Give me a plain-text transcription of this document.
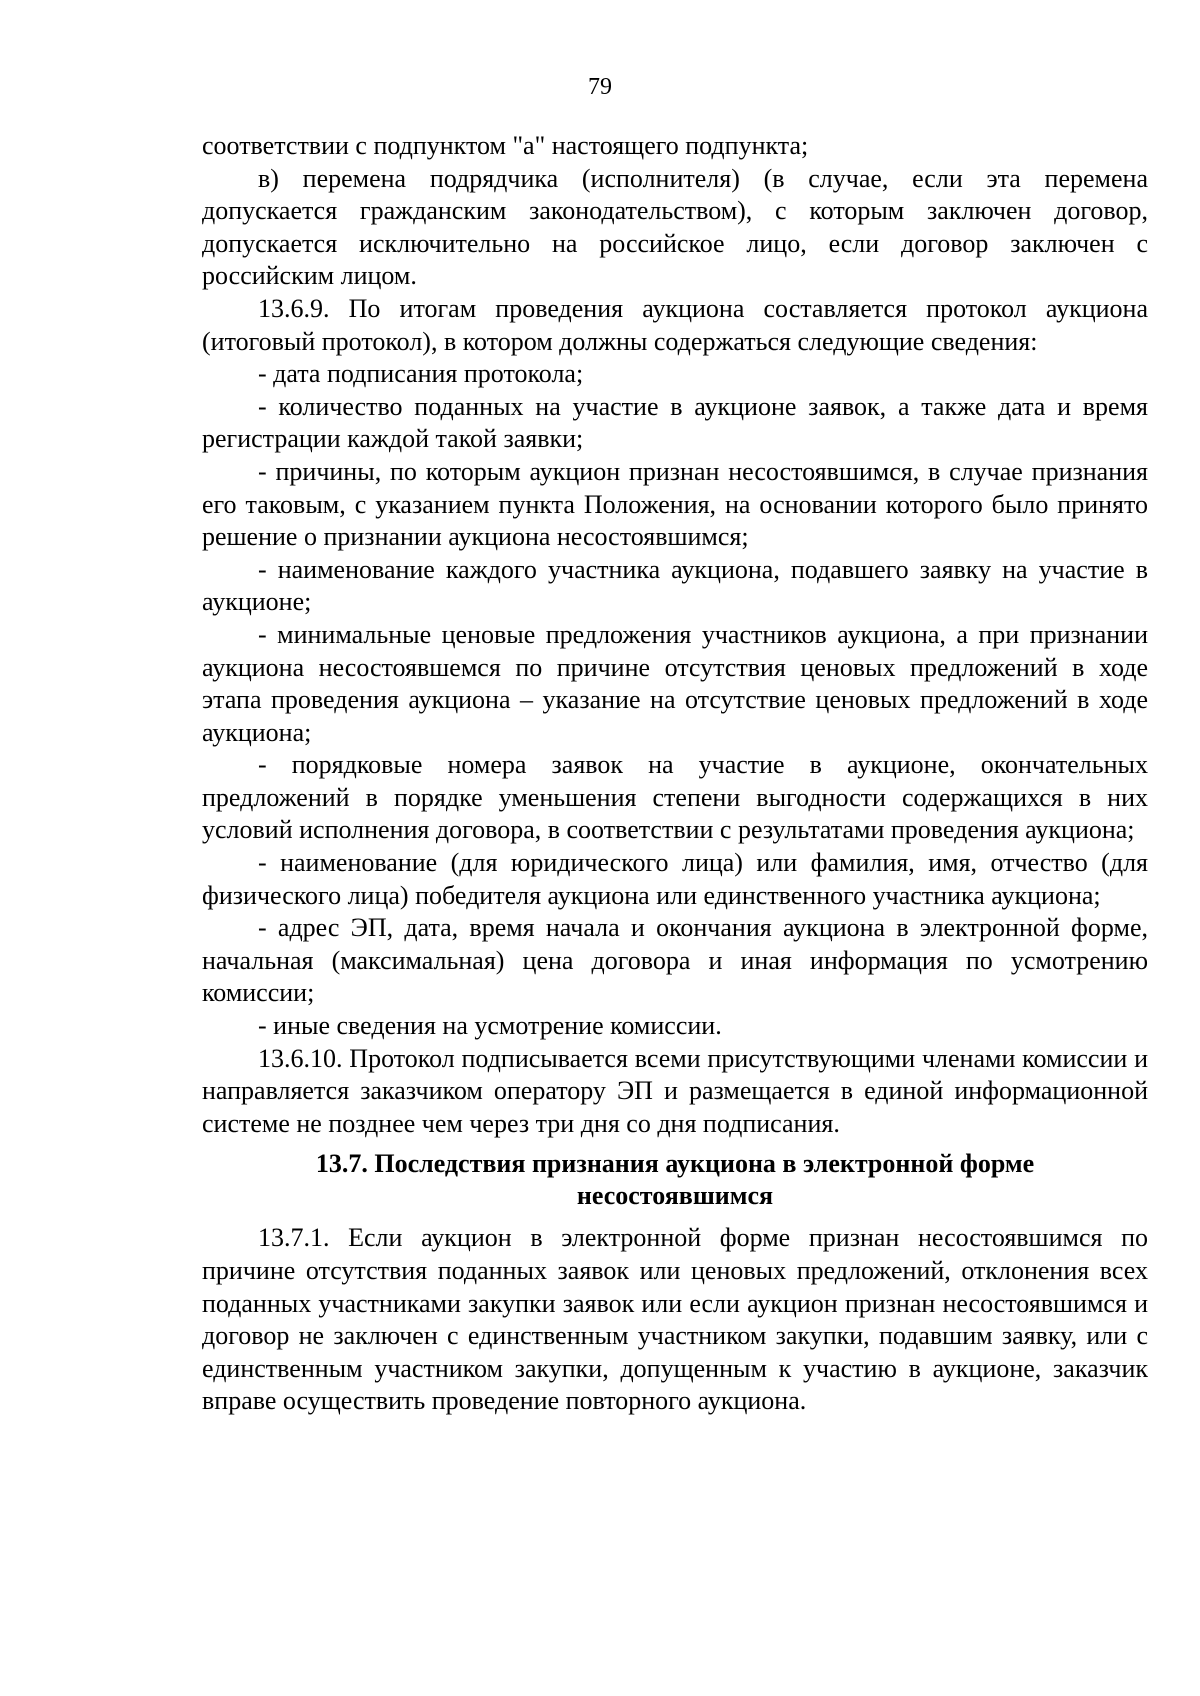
79

соответствии с подпунктом "а" настоящего подпункта;

в) перемена подрядчика (исполнителя) (в случае, если эта перемена допускается гражданским законодательством), с которым заключен договор, допускается исключительно на российское лицо, если договор заключен с российским лицом.

13.6.9. По итогам проведения аукциона составляется протокол аукциона (итоговый протокол), в котором должны содержаться следующие сведения:

- дата подписания протокола;

- количество поданных на участие в аукционе заявок, а также дата и время регистрации каждой такой заявки;

- причины, по которым аукцион признан несостоявшимся, в случае признания его таковым, с указанием пункта Положения, на основании которого было принято решение о признании аукциона несостоявшимся;

- наименование каждого участника аукциона, подавшего заявку на участие в аукционе;

- минимальные ценовые предложения участников аукциона, а при признании аукциона несостоявшемся по причине отсутствия ценовых предложений в ходе этапа проведения аукциона – указание на отсутствие ценовых предложений в ходе аукциона;

- порядковые номера заявок на участие в аукционе, окончательных предложений в порядке уменьшения степени выгодности содержащихся в них условий исполнения договора, в соответствии с результатами проведения аукциона;

- наименование (для юридического лица) или фамилия, имя, отчество (для физического лица) победителя аукциона или единственного участника аукциона;

- адрес ЭП, дата, время начала и окончания аукциона в электронной форме, начальная (максимальная) цена договора и иная информация по усмотрению комиссии;

- иные сведения на усмотрение комиссии.

13.6.10. Протокол подписывается всеми присутствующими членами комиссии и направляется заказчиком оператору ЭП и размещается в единой информационной системе не позднее чем через три дня со дня подписания.

13.7. Последствия признания аукциона в электронной форме
несостоявшимся

13.7.1. Если аукцион в электронной форме признан несостоявшимся по причине отсутствия поданных заявок или ценовых предложений, отклонения всех поданных участниками закупки заявок или если аукцион признан несостоявшимся и договор не заключен с единственным участником закупки, подавшим заявку, или с единственным участником закупки, допущенным к участию в аукционе, заказчик вправе осуществить проведение повторного аукциона.
